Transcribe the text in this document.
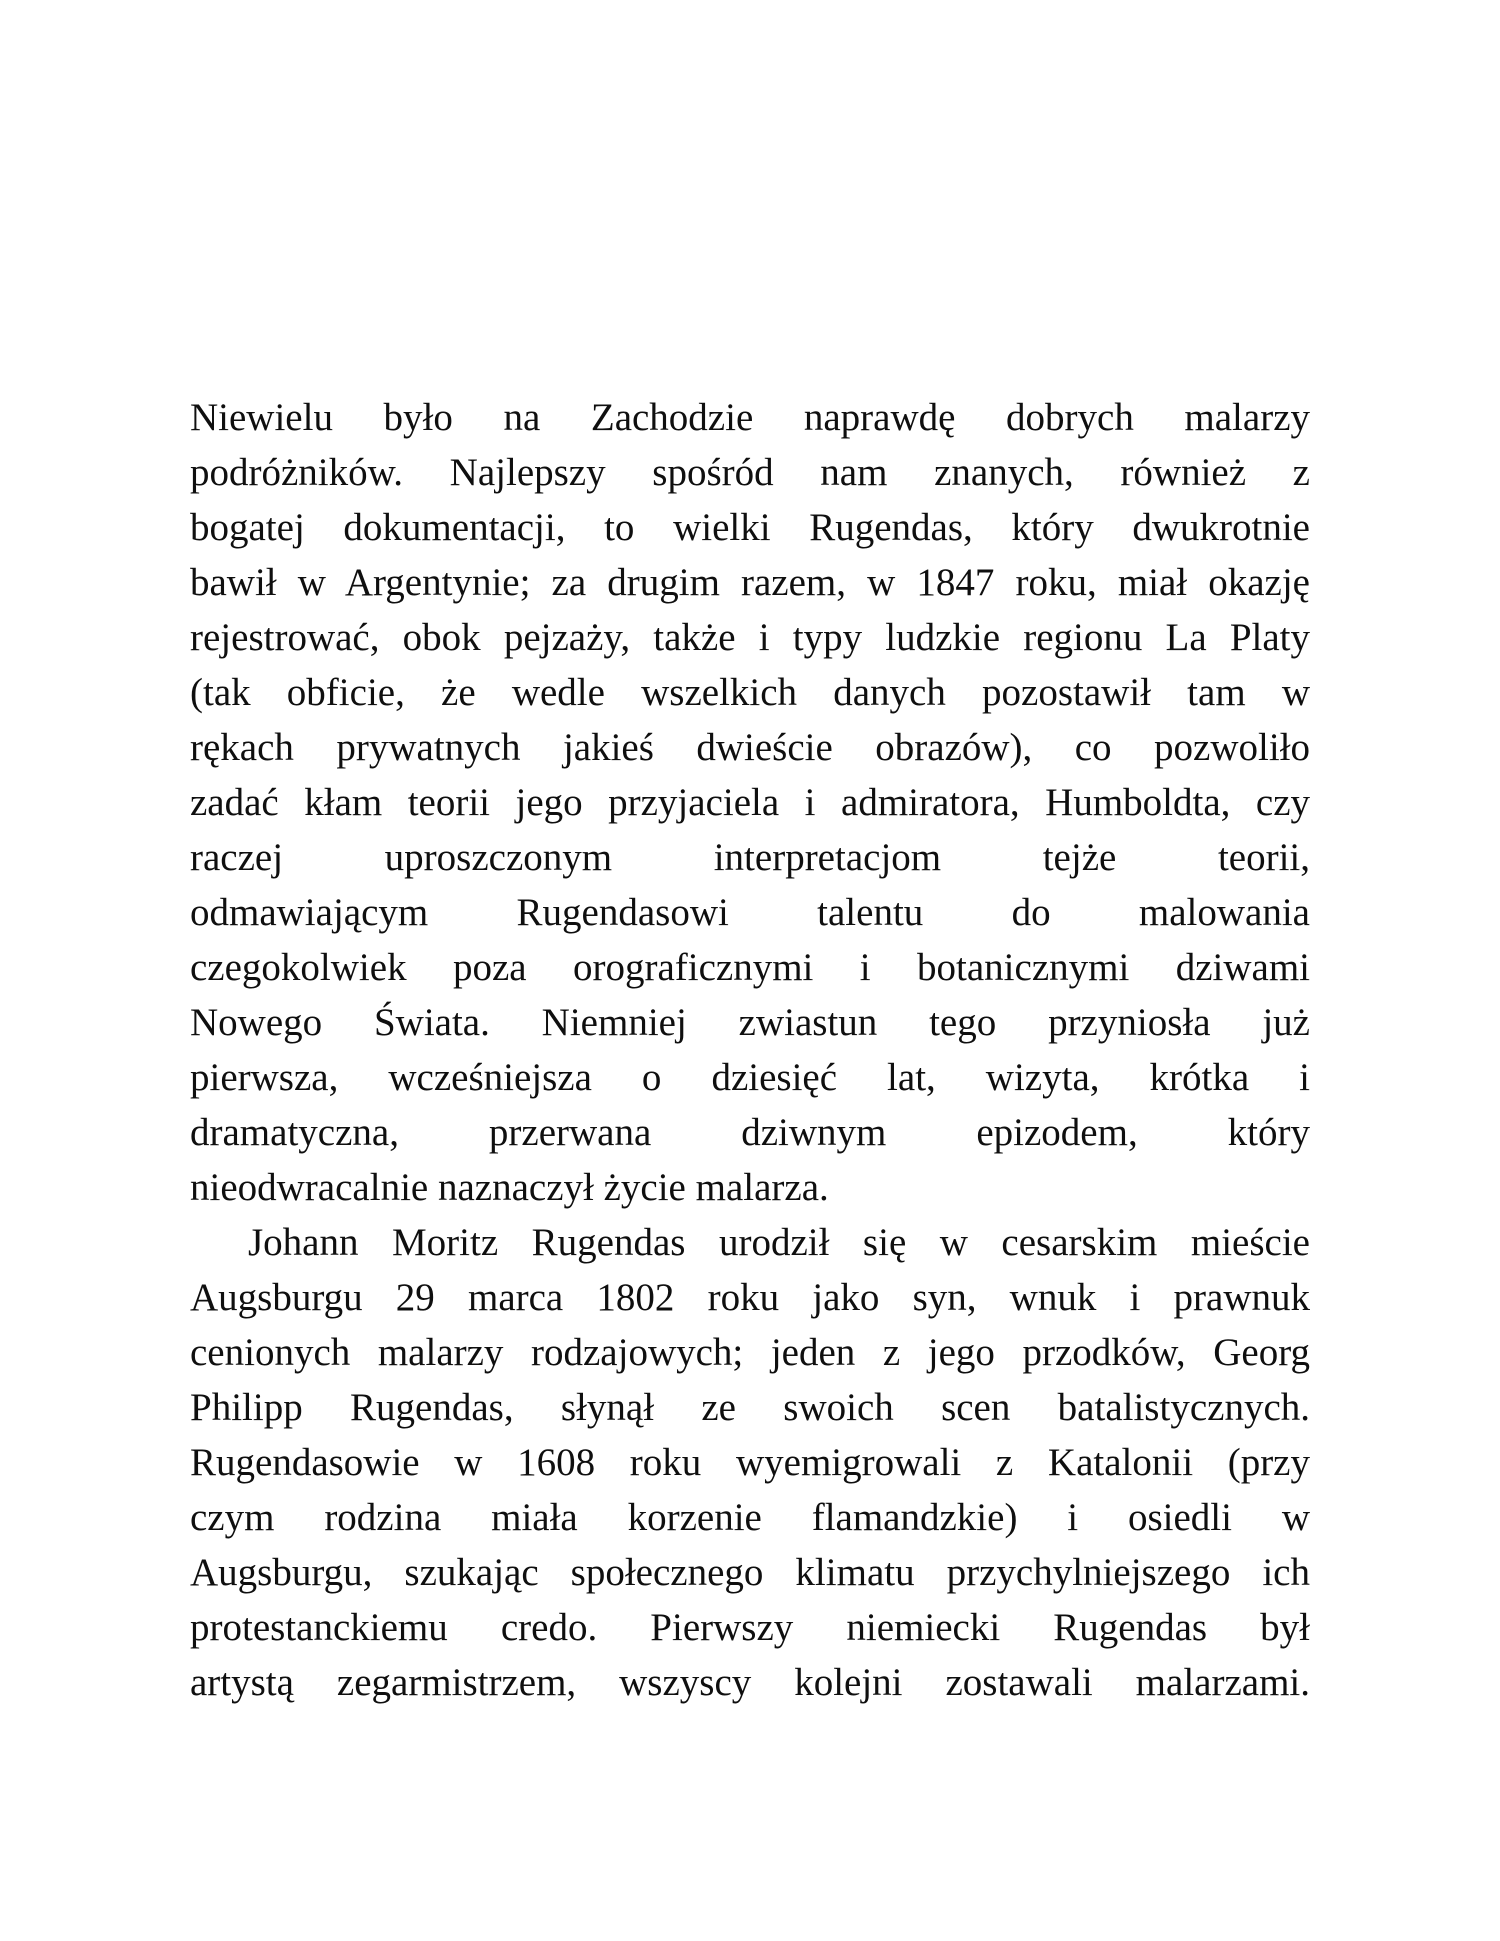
Niewielu było na Zachodzie naprawdę dobrych malarzy
podróżników. Najlepszy spośród nam znanych, również z
bogatej dokumentacji, to wielki Rugendas, który dwukrotnie
bawił w Argentynie; za drugim razem, w 1847 roku, miał okazję
rejestrować, obok pejzaży, także i typy ludzkie regionu La Platy
(tak obficie, że wedle wszelkich danych pozostawił tam w
rękach prywatnych jakieś dwieście obrazów), co pozwoliło
zadać kłam teorii jego przyjaciela i admiratora, Humboldta, czy
raczej uproszczonym interpretacjom tejże teorii,
odmawiającym Rugendasowi talentu do malowania
czegokolwiek poza orograficznymi i botanicznymi dziwami
Nowego Świata. Niemniej zwiastun tego przyniosła już
pierwsza, wcześniejsza o dziesięć lat, wizyta, krótka i
dramatyczna, przerwana dziwnym epizodem, który
nieodwracalnie naznaczył życie malarza.
Johann Moritz Rugendas urodził się w cesarskim mieście
Augsburgu 29 marca 1802 roku jako syn, wnuk i prawnuk
cenionych malarzy rodzajowych; jeden z jego przodków, Georg
Philipp Rugendas, słynął ze swoich scen batalistycznych.
Rugendasowie w 1608 roku wyemigrowali z Katalonii (przy
czym rodzina miała korzenie flamandzkie) i osiedli w
Augsburgu, szukając społecznego klimatu przychylniejszego ich
protestanckiemu credo. Pierwszy niemiecki Rugendas był
artystą zegarmistrzem, wszyscy kolejni zostawali malarzami.
